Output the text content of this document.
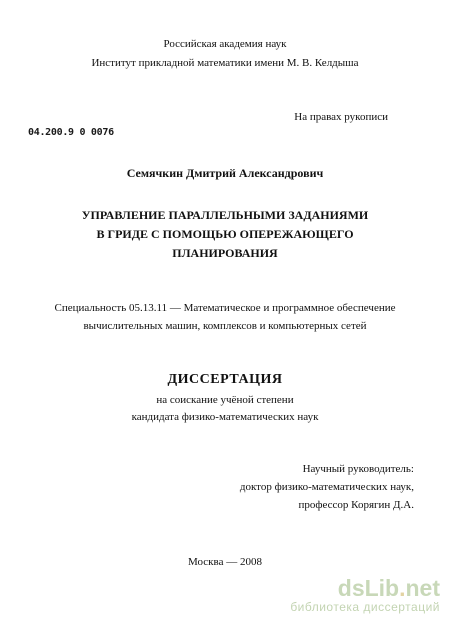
Российская академия наук
Институт прикладной математики имени М. В. Келдыша
На правах рукописи
04.200.9 0 0076
Семячкин Дмитрий Александрович
УПРАВЛЕНИЕ ПАРАЛЛЕЛЬНЫМИ ЗАДАНИЯМИ
В ГРИДЕ С ПОМОЩЬЮ ОПЕРЕЖАЮЩЕГО
ПЛАНИРОВАНИЯ
Специальность 05.13.11 — Математическое и программное обеспечение
вычислительных машин, комплексов и компьютерных сетей
ДИССЕРТАЦИЯ
на соискание учёной степени
кандидата физико-математических наук
Научный руководитель:
доктор физико-математических наук,
профессор Корягин Д.А.
Москва — 2008
dsLib.net
библиотека диссертаций
